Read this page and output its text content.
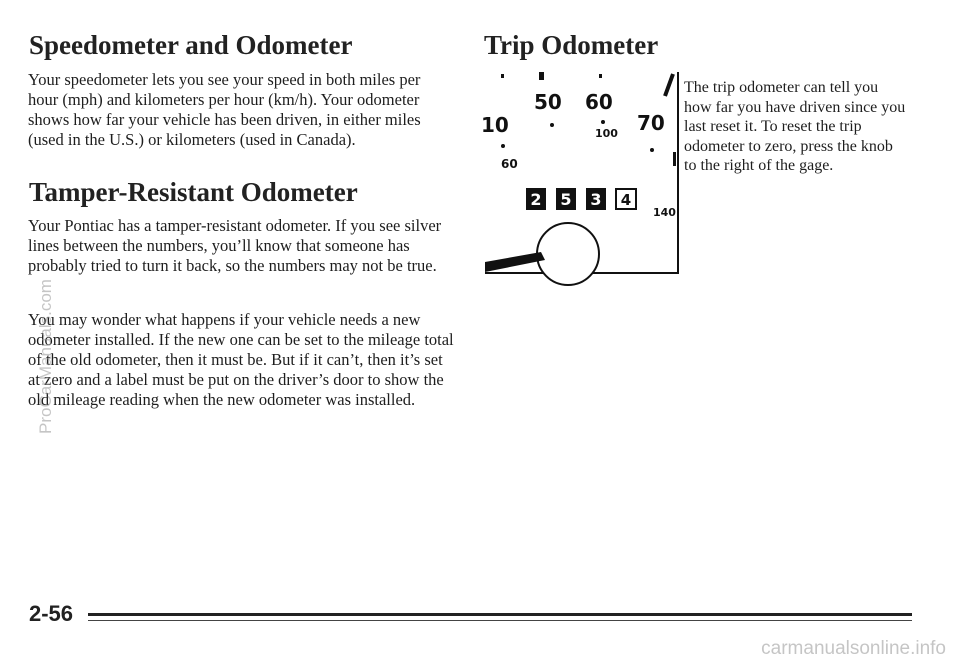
Speedometer and Odometer

Your speedometer lets you see your speed in both miles per hour (mph) and kilometers per hour (km/h). Your odometer shows how far your vehicle has been driven, in either miles (used in the U.S.) or kilometers (used in Canada).

Tamper-Resistant Odometer

Your Pontiac has a tamper-resistant odometer. If you see silver lines between the numbers, you’ll know that someone has probably tried to turn it back, so the numbers may not be true.

You may wonder what happens if your vehicle needs a new odometer installed. If the new one can be set to the mileage total of the old odometer, then it must be. But if it can’t, then it’s set at zero and a label must be put on the driver’s door to show the old mileage reading when the new odometer was installed.

Trip Odometer
50 60
70
10	100
60
140
2 5 3 4

The trip odometer can tell you how far you have driven since you last reset it. To reset the trip odometer to zero, press the knob to the right of the gage.

2-56
ProCarManuals.com
carmanualsonline.info
